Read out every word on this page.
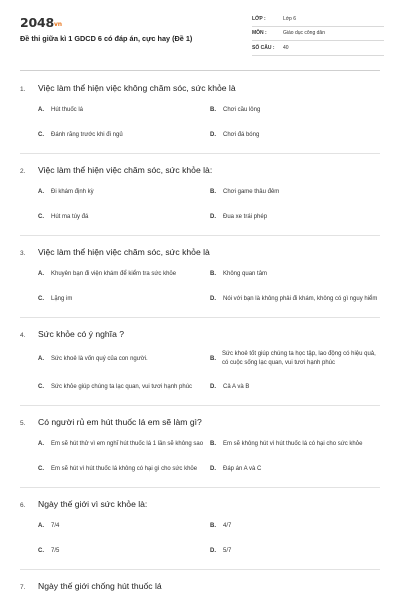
2048vn
Đề thi giữa kì 1 GDCD 6 có đáp án, cực hay (Đề 1)
LỚP :	Lớp 6
MÔN :	Giáo dục công dân
SỐ CÂU :	40
1.	Việc làm thể hiện việc không chăm sóc, sức khỏe là
A.	Hút thuốc lá	B.	Chơi cầu lông
C.	Đánh răng trước khi đi ngủ	D.	Chơi đá bóng
2.	Việc làm thể hiện việc chăm sóc, sức khỏe là:
A.	Đi khám định kỳ	B.	Chơi game thâu đêm
C.	Hút ma túy đá	D.	Đua xe trái phép
3.	Việc làm thể hiện việc chăm sóc, sức khỏe là
A.	Khuyên bạn đi viện khám để kiểm tra sức khỏe	B.	Không quan tâm
C.	Lặng im	D.	Nói với bạn là không phải đi khám, không có gì nguy hiểm
4.	Sức khỏe có ý nghĩa ?
A.	Sức khoẻ là vốn quý của con người.	B.
Sức khoẻ tốt giúp chúng ta học tập, lao động có hiệu quả, có cuộc sống lạc quan, vui tươi hạnh phúc
C.	Sức khỏe giúp chúng ta lạc quan, vui tươi hạnh phúc	D.	Cả A và B
5.	Có người rủ em hút thuốc lá em sẽ làm gì?
A.	Em sẽ hút thử vì em nghĩ hút thuốc lá 1 lần sẽ không sao B.	Em sẽ không hút vì hút thuốc lá có hại cho sức khỏe
C.	Em sẽ hút vì hút thuốc lá không có hại gì cho sức khỏe D.	Đáp án A và C
6.	Ngày thế giới vì sức khỏe là:
A.	7/4	B.	4/7
C.	7/5	D.	5/7
7.	Ngày thế giới chống hút thuốc lá
